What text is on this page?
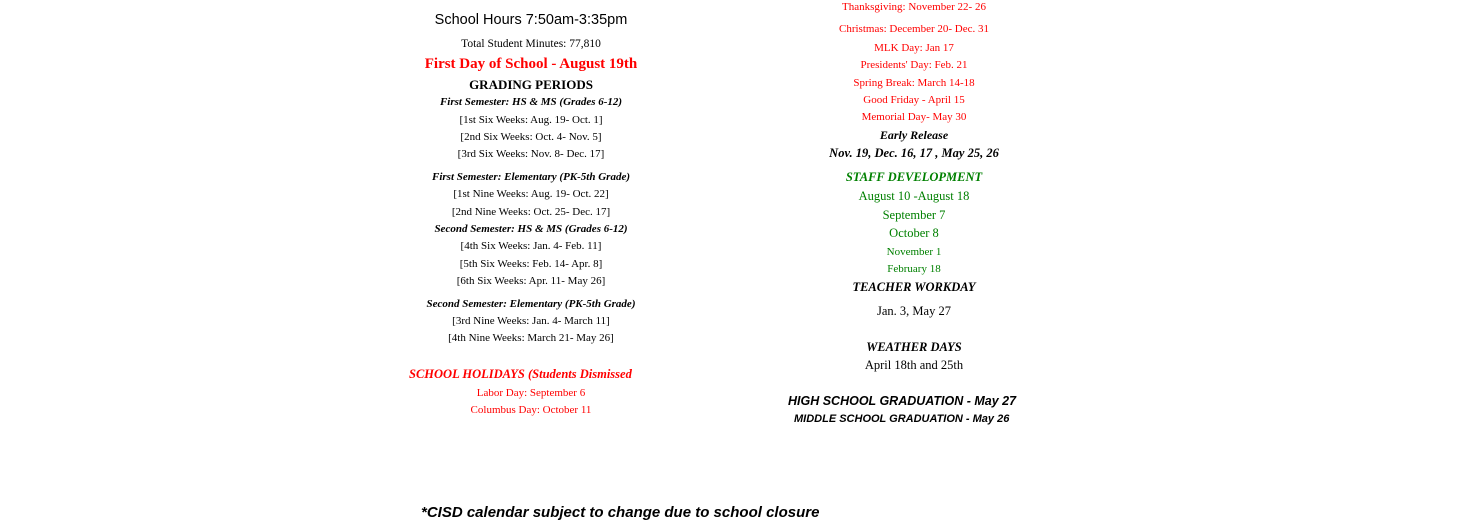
School Hours 7:50am-3:35pm
Total Student Minutes: 77,810
First Day of School - August 19th
GRADING PERIODS
First Semester: HS & MS (Grades 6-12)
[1st Six Weeks: Aug. 19- Oct. 1]
[2nd Six Weeks: Oct. 4- Nov. 5]
[3rd Six Weeks: Nov. 8- Dec. 17]
First Semester: Elementary (PK-5th Grade)
[1st Nine Weeks: Aug. 19- Oct. 22]
[2nd Nine Weeks: Oct. 25- Dec. 17]
Second Semester: HS & MS (Grades 6-12)
[4th Six Weeks: Jan. 4- Feb. 11]
[5th Six Weeks: Feb. 14- Apr. 8]
[6th Six Weeks: Apr. 11- May 26]
Second Semester: Elementary (PK-5th Grade)
[3rd Nine Weeks: Jan. 4- March 11]
[4th Nine Weeks: March 21- May 26]
SCHOOL HOLIDAYS (Students Dismissed
Labor Day: September 6
Columbus Day: October 11
Thanksgiving: November 22- 26
Christmas: December 20- Dec. 31
MLK Day: Jan 17
Presidents' Day: Feb. 21
Spring Break: March 14-18
Good Friday - April 15
Memorial Day- May 30
Early Release
Nov. 19, Dec. 16, 17 , May 25, 26
STAFF DEVELOPMENT
August 10 -August 18
September 7
October 8
November 1
February 18
TEACHER WORKDAY
Jan. 3, May 27
WEATHER DAYS
April 18th and 25th
HIGH SCHOOL GRADUATION - May 27
MIDDLE SCHOOL GRADUATION - May 26
*CISD calendar subject to change due to school closure
